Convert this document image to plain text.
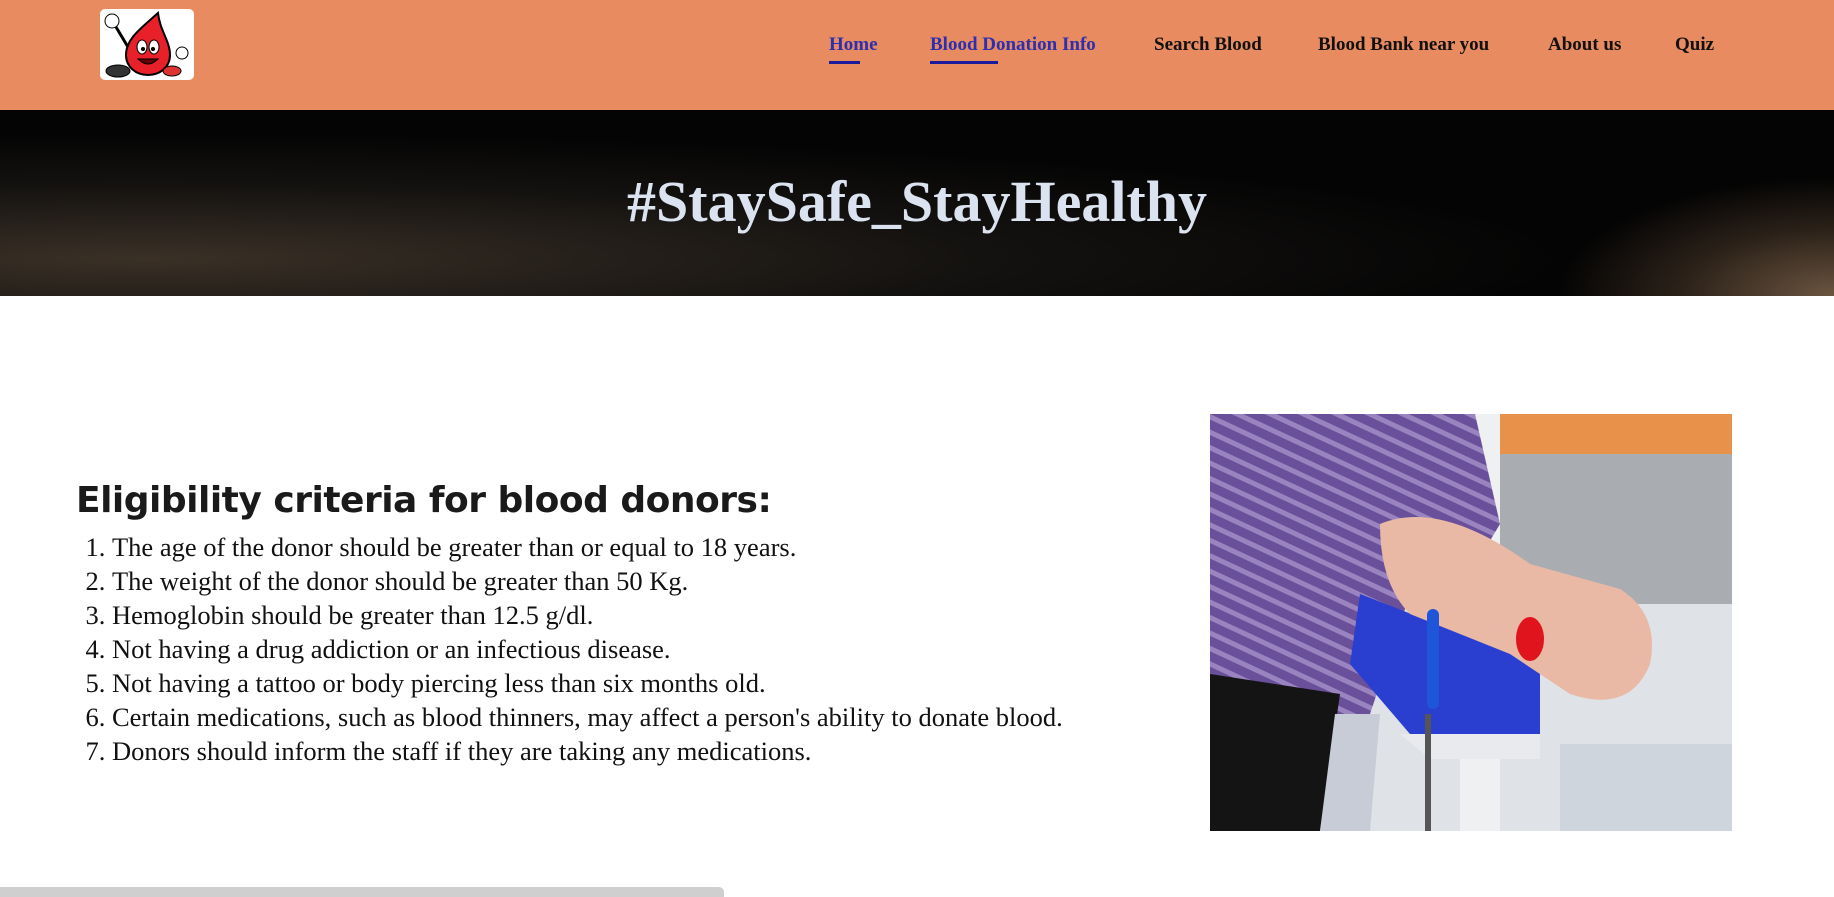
Home	Blood Donation Info	Search Blood	Blood Bank near you	About us	Quiz
#StaySafe_StayHealthy
Eligibility criteria for blood donors:
1. The age of the donor should be greater than or equal to 18 years.
2. The weight of the donor should be greater than 50 Kg.
3. Hemoglobin should be greater than 12.5 g/dl.
4. Not having a drug addiction or an infectious disease.
5. Not having a tattoo or body piercing less than six months old.
6. Certain medications, such as blood thinners, may affect a person's ability to donate blood.
7. Donors should inform the staff if they are taking any medications.
